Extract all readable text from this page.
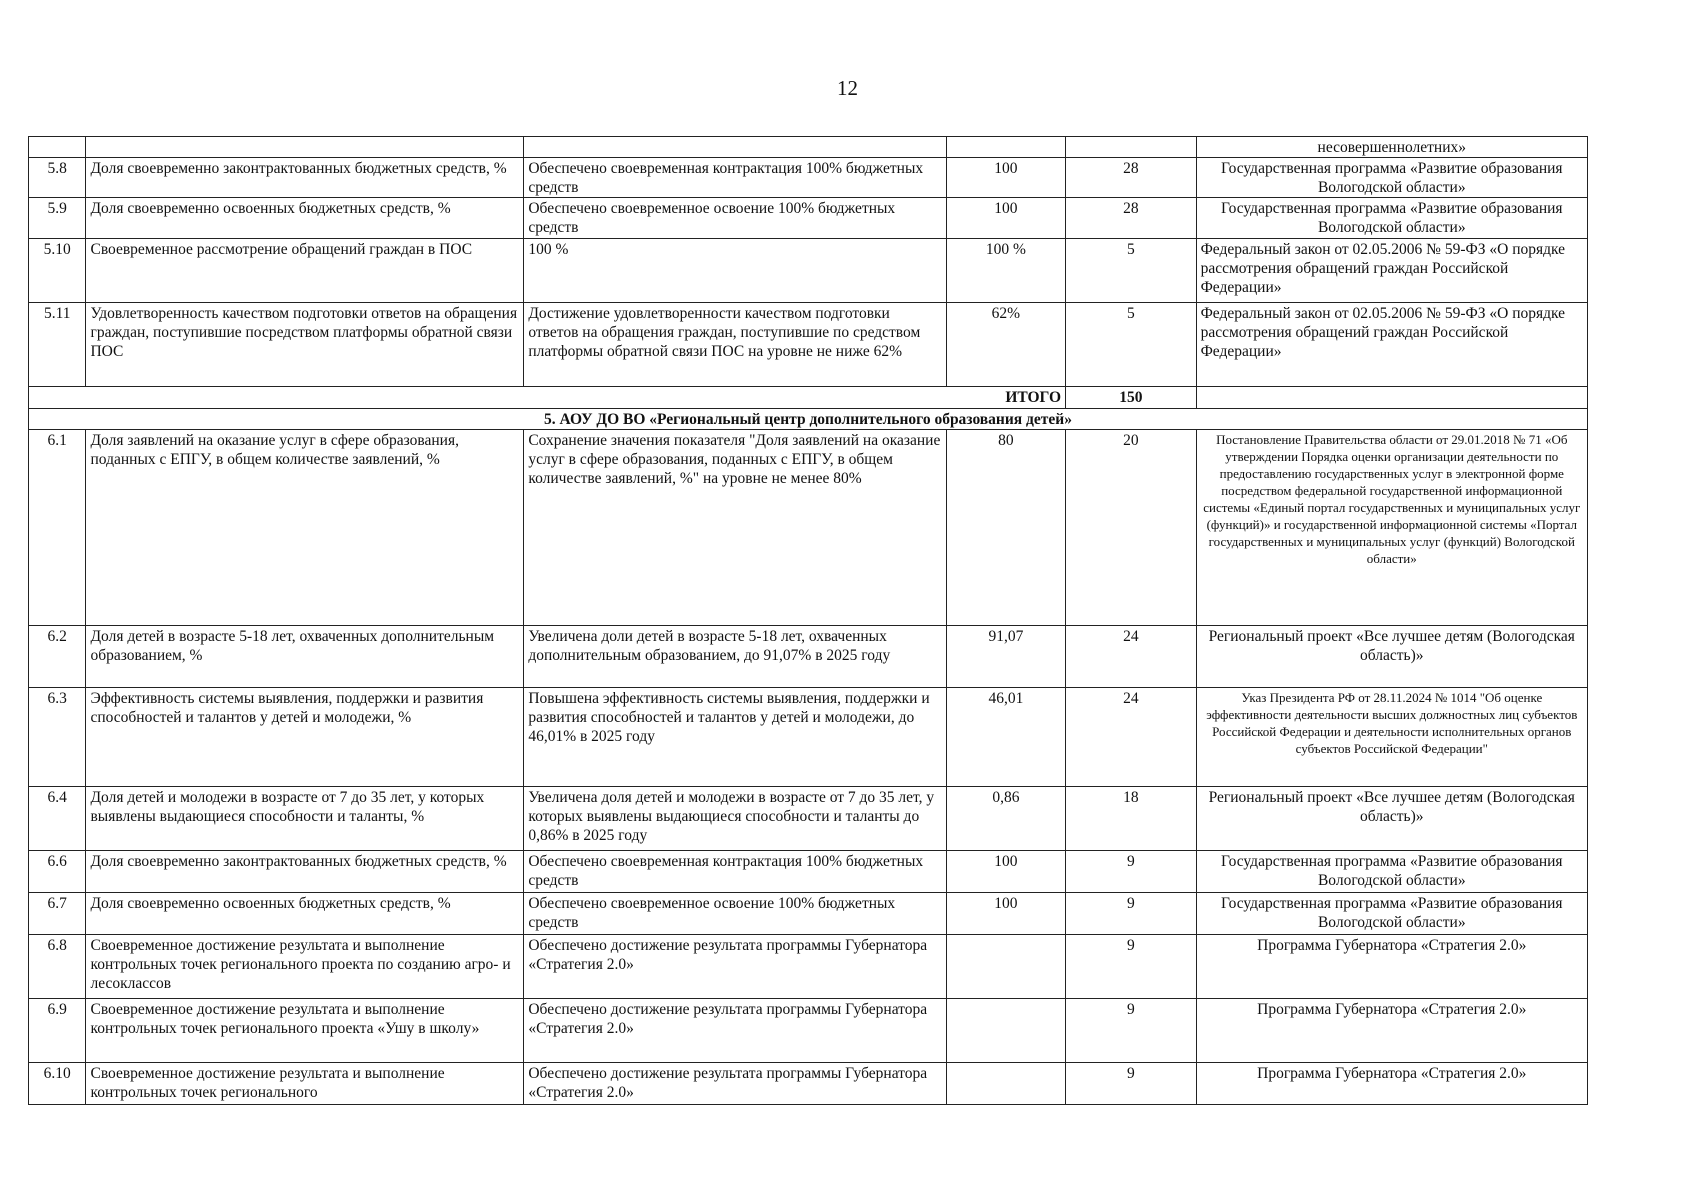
12
					несовершеннолетних»
5.8	Доля своевременно законтрактованных бюджетных средств, %	Обеспечено своевременная контрактация 100% бюджетных средств	100	28	Государственная программа «Развитие образования Вологодской области»
5.9	Доля своевременно освоенных бюджетных средств, %	Обеспечено своевременное освоение 100% бюджетных средств	100	28	Государственная программа «Развитие образования Вологодской области»
5.10	Своевременное рассмотрение обращений граждан в ПОС	100 %	100 %	5	Федеральный закон от 02.05.2006 № 59-ФЗ «О порядке рассмотрения обращений граждан Российской Федерации»
5.11	Удовлетворенность качеством подготовки ответов на обращения граждан, поступившие посредством платформы обратной связи ПОС	Достижение удовлетворенности качеством подготовки ответов на обращения граждан, поступившие по средством платформы обратной связи ПОС на уровне не ниже 62%	62%	5	Федеральный закон от 02.05.2006 № 59-ФЗ «О порядке рассмотрения обращений граждан Российской Федерации»
ИТОГО				150	
5. АОУ ДО ВО «Региональный центр дополнительного образования детей»					
6.1	Доля заявлений на оказание услуг в сфере образования, поданных с ЕПГУ, в общем количестве заявлений, %	Сохранение значения показателя "Доля заявлений на оказание услуг в сфере образования, поданных с ЕПГУ, в общем количестве заявлений, %" на уровне не менее 80%	80	20	Постановление Правительства области от 29.01.2018 № 71 «Об утверждении Порядка оценки организации деятельности по предоставлению государственных услуг в электронной форме посредством федеральной государственной информационной системы «Единый портал государственных и муниципальных услуг (функций)» и государственной информационной системы «Портал государственных и муниципальных услуг (функций) Вологодской области»
6.2	Доля детей в возрасте 5-18 лет, охваченных дополнительным образованием, %	Увеличена доли детей в возрасте 5-18 лет, охваченных дополнительным образованием, до 91,07% в 2025 году	91,07	24	Региональный проект «Все лучшее детям (Вологодская область)»
6.3	Эффективность системы выявления, поддержки и развития способностей и талантов у детей и молодежи, %	Повышена эффективность системы выявления, поддержки и развития способностей и талантов у детей и молодежи, до 46,01% в 2025 году	46,01	24	Указ Президента РФ от 28.11.2024 № 1014 "Об оценке эффективности деятельности высших должностных лиц субъектов Российской Федерации и деятельности исполнительных органов субъектов Российской Федерации"
6.4	Доля детей и молодежи в возрасте от 7 до 35 лет, у которых выявлены выдающиеся способности и таланты, %	Увеличена доля детей и молодежи в возрасте от 7 до 35 лет, у которых выявлены выдающиеся способности и таланты до 0,86% в 2025 году	0,86	18	Региональный проект «Все лучшее детям (Вологодская область)»
6.6	Доля своевременно законтрактованных бюджетных средств, %	Обеспечено своевременная контрактация 100% бюджетных средств	100	9	Государственная программа «Развитие образования Вологодской области»
6.7	Доля своевременно освоенных бюджетных средств, %	Обеспечено своевременное освоение 100% бюджетных средств	100	9	Государственная программа «Развитие образования Вологодской области»
6.8	Своевременное достижение результата и выполнение контрольных точек регионального проекта по созданию агро- и лесоклассов	Обеспечено достижение результата программы Губернатора «Стратегия 2.0»		9	Программа Губернатора «Стратегия 2.0»
6.9	Своевременное достижение результата и выполнение контрольных точек регионального проекта «Ушу в школу»	Обеспечено достижение результата программы Губернатора «Стратегия 2.0»		9	Программа Губернатора «Стратегия 2.0»
6.10	Своевременное достижение результата и выполнение контрольных точек регионального	Обеспечено достижение результата программы Губернатора «Стратегия 2.0»		9	Программа Губернатора «Стратегия 2.0»
